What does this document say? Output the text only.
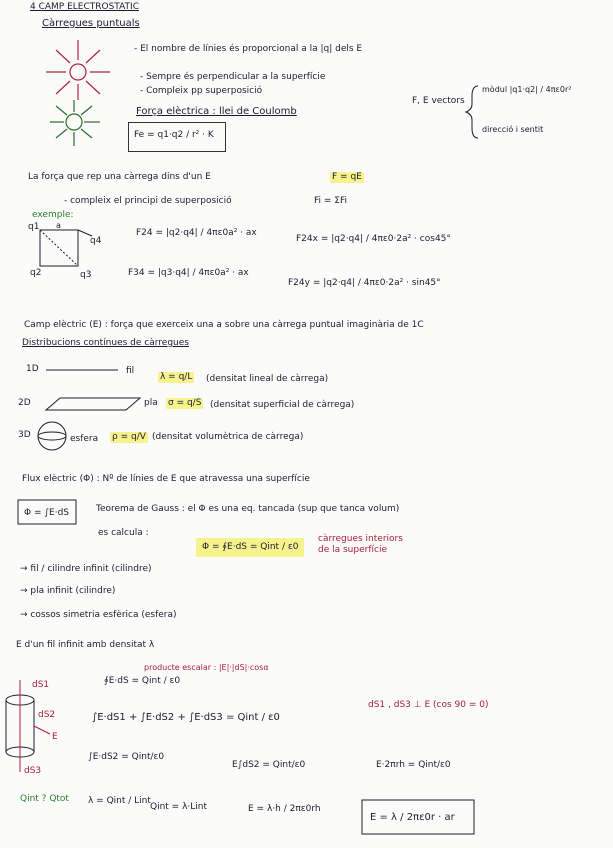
4 CAMP ELECTROSTATIC
Càrregues puntuals
- El nombre de línies és proporcional a la |q| dels E
- Sempre és perpendicular a la superfície
- Compleix pp superposició
Força elèctrica : llei de Coulomb
Fe = q1·q2 / r² · K
F, E vectors
mòdul |q1·q2| / 4πε0r²
direcció i sentit
La força que rep una càrrega dins d'un E	F = qE
- compleix el principi de superposició	Fi = ΣFi
exemple:
q1
q4
q2	q3
a
F24 = |q2·q4| / 4πε0a² · ax
F34 = |q3·q4| / 4πε0a² · ax
F24x = |q2·q4| / 4πε0·2a² · cos45°
F24y = |q2·q4| / 4πε0·2a² · sin45°
Camp elèctric (E) : força que exerceix una a sobre una càrrega puntual imaginària de 1C
Distribucions contínues de càrregues
1D	fil
λ = q/L (densitat lineal de càrrega)
2D	pla σ = q/S (densitat superficial de càrrega)
3D	esfera ρ = q/V (densitat volumètrica de càrrega)
Flux elèctric (Φ) : Nº de línies de E que atravessa una superfície
Φ = ∫E·dS	Teorema de Gauss : el Φ es una eq. tancada (sup que tanca volum)
es calcula :
Φ = ∮E·dS = Qint / ε0
càrregues interiors de la superfície
→ fil / cilindre infinit (cilindre)
→ pla infinit (cilindre)
→ cossos simetria esfèrica (esfera)
E d'un fil infinit amb densitat λ
∮E·dS = Qint / ε0
producte escalar : |E|·|dS|·cosα
dS1
dS2
dS3
E
∫E·dS1 + ∫E·dS2 + ∫E·dS3 = Qint / ε0
dS1 , dS3 ⊥ E (cos 90 = 0)
∫E·dS2 = Qint/ε0
E∫dS2 = Qint/ε0	E·2πrh = Qint/ε0
Qint ? Qtot λ = Qint / Lint
Qint = λ·Lint	E = λ·h / 2πε0rh
E = λ / 2πε0r · ar
